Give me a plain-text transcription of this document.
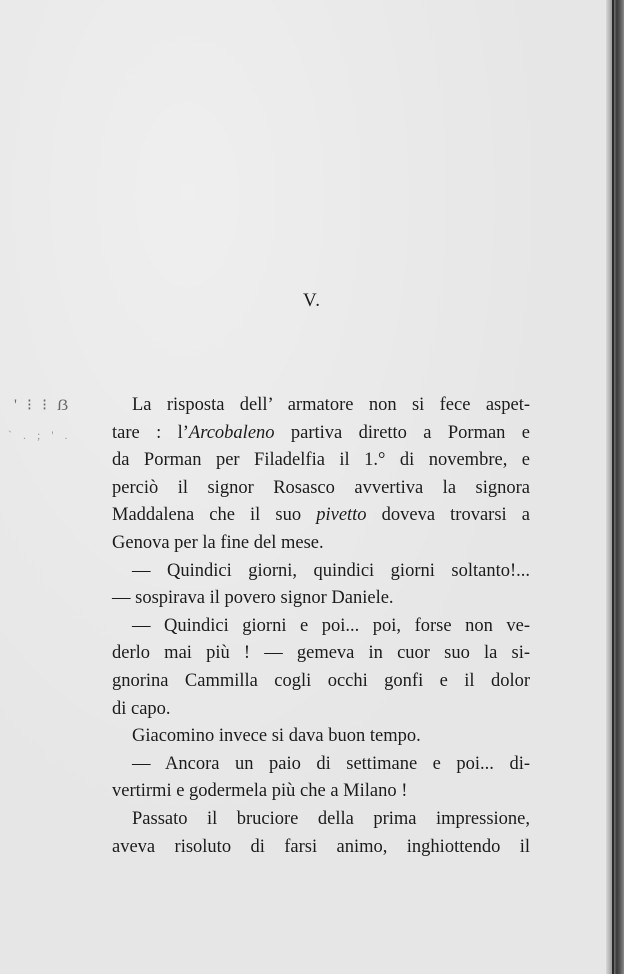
' ⁝ ⁝ ẞ
ˋ . ; ' .
V.
La risposta dell’ armatore non si fece aspet-
tare : l’Arcobaleno partiva diretto a Porman e
da Porman per Filadelfia il 1.° di novembre, e
perciò il signor Rosasco avvertiva la signora
Maddalena che il suo pivetto doveva trovarsi a
Genova per la fine del mese.
— Quindici giorni, quindici giorni soltanto!...
— sospirava il povero signor Daniele.
— Quindici giorni e poi... poi, forse non ve-
derlo mai più ! — gemeva in cuor suo la si-
gnorina Cammilla cogli occhi gonfi e il dolor
di capo.
Giacomino invece si dava buon tempo.
— Ancora un paio di settimane e poi... di-
vertirmi e godermela più che a Milano !
Passato il bruciore della prima impressione,
aveva risoluto di farsi animo, inghiottendo il
